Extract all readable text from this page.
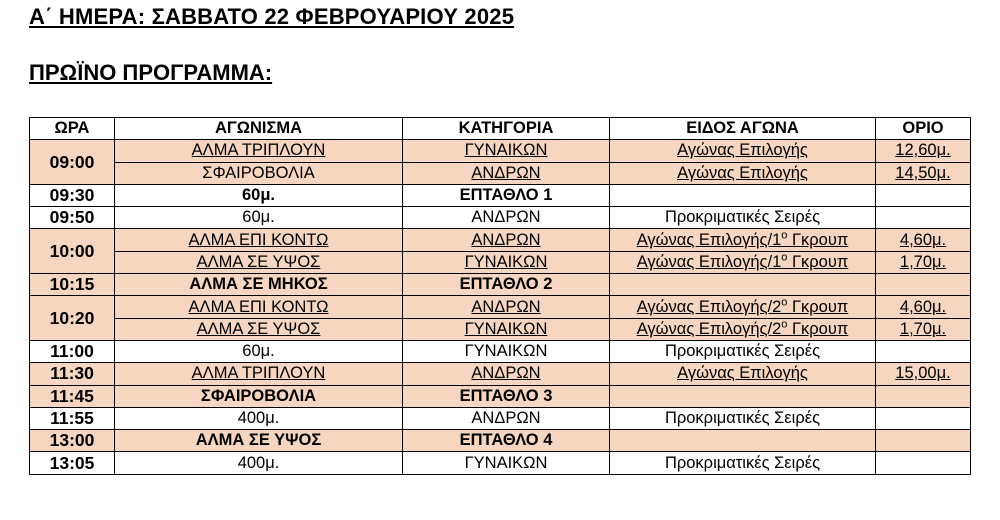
Α΄ ΗΜΕΡΑ: ΣΑΒΒΑΤΟ 22 ΦΕΒΡΟΥΑΡΙΟΥ 2025
ΠΡΩΪΝΟ ΠΡΟΓΡΑΜΜΑ:
ΩΡΑ	ΑΓΩΝΙΣΜΑ	ΚΑΤΗΓΟΡΙΑ	ΕΙΔΟΣ ΑΓΩΝΑ	ΟΡΙΟ
09:00	ΑΛΜΑ ΤΡΙΠΛΟΥΝ	ΓΥΝΑΙΚΩΝ	Αγώνας Επιλογής	12,60μ.
	ΣΦΑΙΡΟΒΟΛΙΑ	ΑΝΔΡΩΝ	Αγώνας Επιλογής	14,50μ.
09:30	60μ.	ΕΠΤΑΘΛΟ 1		
09:50	60μ.	ΑΝΔΡΩΝ	Προκριματικές Σειρές	
10:00	ΑΛΜΑ ΕΠΙ ΚΟΝΤΩ	ΑΝΔΡΩΝ	Αγώνας Επιλογής/$1^o$ Γκρουπ	4,60μ.
	ΑΛΜΑ ΣΕ ΥΨΟΣ	ΓΥΝΑΙΚΩΝ	Αγώνας Επιλογής/$1^o$ Γκρουπ	1,70μ.
10:15	ΑΛΜΑ ΣΕ ΜΗΚΟΣ	ΕΠΤΑΘΛΟ 2		
10:20	ΑΛΜΑ ΕΠΙ ΚΟΝΤΩ	ΑΝΔΡΩΝ	Αγώνας Επιλογής/$2^o$ Γκρουπ	4,60μ.
	ΑΛΜΑ ΣΕ ΥΨΟΣ	ΓΥΝΑΙΚΩΝ	Αγώνας Επιλογής/$2^o$ Γκρουπ	1,70μ.
11:00	60μ.	ΓΥΝΑΙΚΩΝ	Προκριματικές Σειρές	
11:30	ΑΛΜΑ ΤΡΙΠΛΟΥΝ	ΑΝΔΡΩΝ	Αγώνας Επιλογής	15,00μ.
11:45	ΣΦΑΙΡΟΒΟΛΙΑ	ΕΠΤΑΘΛΟ 3		
11:55	400μ.	ΑΝΔΡΩΝ	Προκριματικές Σειρές	
13:00	ΑΛΜΑ ΣΕ ΥΨΟΣ	ΕΠΤΑΘΛΟ 4		
13:05	400μ.	ΓΥΝΑΙΚΩΝ	Προκριματικές Σειρές	
